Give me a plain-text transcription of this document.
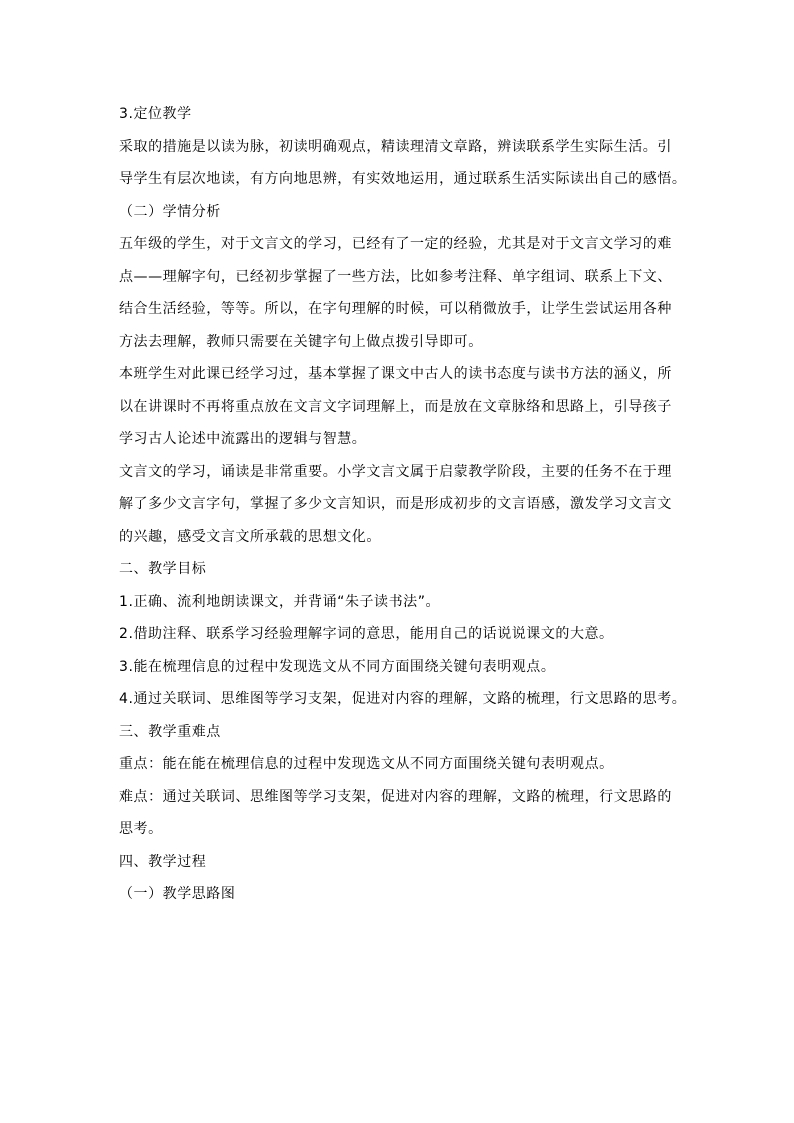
3.定位教学
采取的措施是以读为脉，初读明确观点，精读理清文章路，辨读联系学生实际生活。引
导学生有层次地读，有方向地思辨，有实效地运用，通过联系生活实际读出自己的感悟。
（二）学情分析
五年级的学生，对于文言文的学习，已经有了一定的经验，尤其是对于文言文学习的难
点——理解字句，已经初步掌握了一些方法，比如参考注释、单字组词、联系上下文、
结合生活经验，等等。所以，在字句理解的时候，可以稍微放手，让学生尝试运用各种
方法去理解，教师只需要在关键字句上做点拨引导即可。
本班学生对此课已经学习过，基本掌握了课文中古人的读书态度与读书方法的涵义，所
以在讲课时不再将重点放在文言文字词理解上，而是放在文章脉络和思路上，引导孩子
学习古人论述中流露出的逻辑与智慧。
文言文的学习，诵读是非常重要。小学文言文属于启蒙教学阶段，主要的任务不在于理
解了多少文言字句，掌握了多少文言知识，而是形成初步的文言语感，激发学习文言文
的兴趣，感受文言文所承载的思想文化。
二、教学目标
1.正确、流利地朗读课文，并背诵“朱子读书法”。
2.借助注释、联系学习经验理解字词的意思，能用自己的话说说课文的大意。
3.能在梳理信息的过程中发现选文从不同方面围绕关键句表明观点。
4.通过关联词、思维图等学习支架，促进对内容的理解，文路的梳理，行文思路的思考。
三、教学重难点
重点：能在能在梳理信息的过程中发现选文从不同方面围绕关键句表明观点。
难点：通过关联词、思维图等学习支架，促进对内容的理解，文路的梳理，行文思路的
思考。
四、教学过程
（一）教学思路图
